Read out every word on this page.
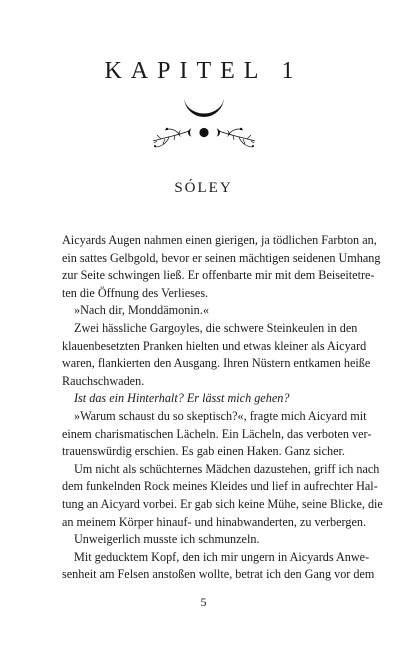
KAPITEL 1
SÓLEY
Aicyards Augen nahmen einen gierigen, ja tödlichen Farbton an,
ein sattes Gelbgold, bevor er seinen mächtigen seidenen Umhang
zur Seite schwingen ließ. Er offenbarte mir mit dem Beiseitetre-
ten die Öffnung des Verlieses.
»Nach dir, Monddämonin.«
Zwei hässliche Gargoyles, die schwere Steinkeulen in den
klauenbesetzten Pranken hielten und etwas kleiner als Aicyard
waren, flankierten den Ausgang. Ihren Nüstern entkamen heiße
Rauchschwaden.
Ist das ein Hinterhalt? Er lässt mich gehen?
»Warum schaust du so skeptisch?«, fragte mich Aicyard mit
einem charismatischen Lächeln. Ein Lächeln, das verboten ver-
trauenswürdig erschien. Es gab einen Haken. Ganz sicher.
Um nicht als schüchternes Mädchen dazustehen, griff ich nach
dem funkelnden Rock meines Kleides und lief in aufrechter Hal-
tung an Aicyard vorbei. Er gab sich keine Mühe, seine Blicke, die
an meinem Körper hinauf- und hinabwanderten, zu verbergen.
Unweigerlich musste ich schmunzeln.
Mit geducktem Kopf, den ich mir ungern in Aicyards Anwe-
senheit am Felsen anstoßen wollte, betrat ich den Gang vor dem
5
